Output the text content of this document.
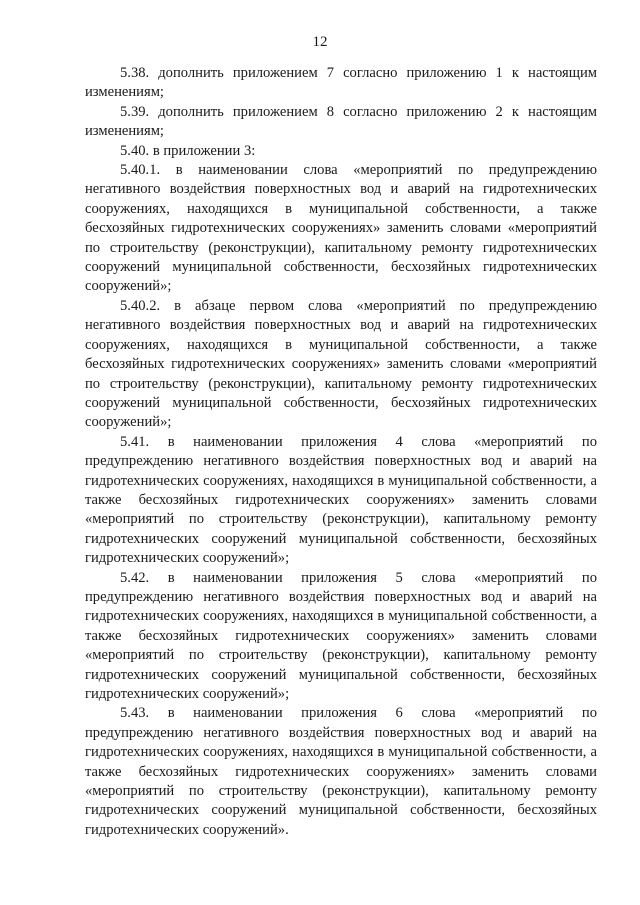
12

5.38. дополнить приложением 7 согласно приложению 1 к настоящим изменениям;

5.39. дополнить приложением 8 согласно приложению 2 к настоящим изменениям;

5.40. в приложении 3:

5.40.1. в наименовании слова «мероприятий по предупреждению негативного воздействия поверхностных вод и аварий на гидротехнических сооружениях, находящихся в муниципальной собственности, а также бесхозяйных гидротехнических сооружениях» заменить словами «мероприятий по строительству (реконструкции), капитальному ремонту гидротехнических сооружений муниципальной собственности, бесхозяйных гидротехнических сооружений»;

5.40.2. в абзаце первом слова «мероприятий по предупреждению негативного воздействия поверхностных вод и аварий на гидротехнических сооружениях, находящихся в муниципальной собственности, а также бесхозяйных гидротехнических сооружениях» заменить словами «мероприятий по строительству (реконструкции), капитальному ремонту гидротехнических сооружений муниципальной собственности, бесхозяйных гидротехнических сооружений»;

5.41. в наименовании приложения 4 слова «мероприятий по предупреждению негативного воздействия поверхностных вод и аварий на гидротехнических сооружениях, находящихся в муниципальной собственности, а также бесхозяйных гидротехнических сооружениях» заменить словами «мероприятий по строительству (реконструкции), капитальному ремонту гидротехнических сооружений муниципальной собственности, бесхозяйных гидротехнических сооружений»;

5.42. в наименовании приложения 5 слова «мероприятий по предупреждению негативного воздействия поверхностных вод и аварий на гидротехнических сооружениях, находящихся в муниципальной собственности, а также бесхозяйных гидротехнических сооружениях» заменить словами «мероприятий по строительству (реконструкции), капитальному ремонту гидротехнических сооружений муниципальной собственности, бесхозяйных гидротехнических сооружений»;

5.43. в наименовании приложения 6 слова «мероприятий по предупреждению негативного воздействия поверхностных вод и аварий на гидротехнических сооружениях, находящихся в муниципальной собственности, а также бесхозяйных гидротехнических сооружениях» заменить словами «мероприятий по строительству (реконструкции), капитальному ремонту гидротехнических сооружений муниципальной собственности, бесхозяйных гидротехнических сооружений».
